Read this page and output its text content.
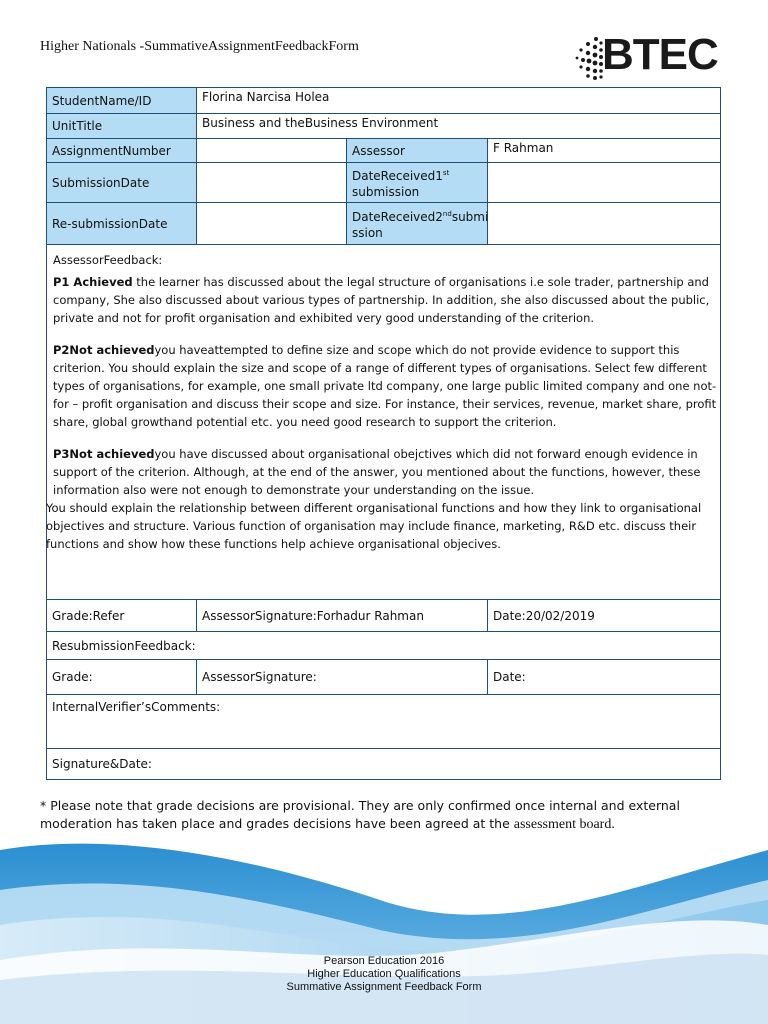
Higher Nationals -SummativeAssignmentFeedbackForm	BTEC
StudentName/ID	Florina Narcisa Holea		
UnitTitle	Business and theBusiness Environment		
AssignmentNumber		Assessor	F Rahman
SubmissionDate		DateReceived1st
submission	
Re-submissionDate		DateReceived2ndsubmi
ssion	

AssessorFeedback:

P1 Achieved the learner has discussed about the legal structure of organisations i.e sole trader, partnership and company, She also discussed about various types of partnership. In addition, she also discussed about the public, private and not for profit organisation and exhibited very good understanding of the criterion.

P2Not achievedyou haveattempted to define size and scope which do not provide evidence to support this criterion. You should explain the size and scope of a range of different types of organisations. Select few different types of organisations, for example, one small private ltd company, one large public limited company and one not- for – profit organisation and discuss their scope and size. For instance, their services, revenue, market share, profit share, global growthand potential etc. you need good research to support the criterion.

P3Not achievedyou have discussed about organisational obejctives which did not forward enough evidence in support of the criterion. Although, at the end of the answer, you mentioned about the functions, however, these information also were not enough to demonstrate your understanding on the issue.

You should explain the relationship between different organisational functions and how they link to organisational objectives and structure. Various function of organisation may include finance, marketing, R&D etc. discuss their functions and show how these functions help achieve organisational objecives.			

Grade:Refer	AssessorSignature:Forhadur Rahman		Date:20/02/2019
ResubmissionFeedback:			
Grade:	AssessorSignature:		Date:
InternalVerifier’sComments:			
Signature&Date:			
* Please note that grade decisions are provisional. They are only confirmed once internal and external moderation has taken place and grades decisions have been agreed at the assessment board.
Pearson Education 2016
Higher Education Qualifications
Summative Assignment Feedback Form
